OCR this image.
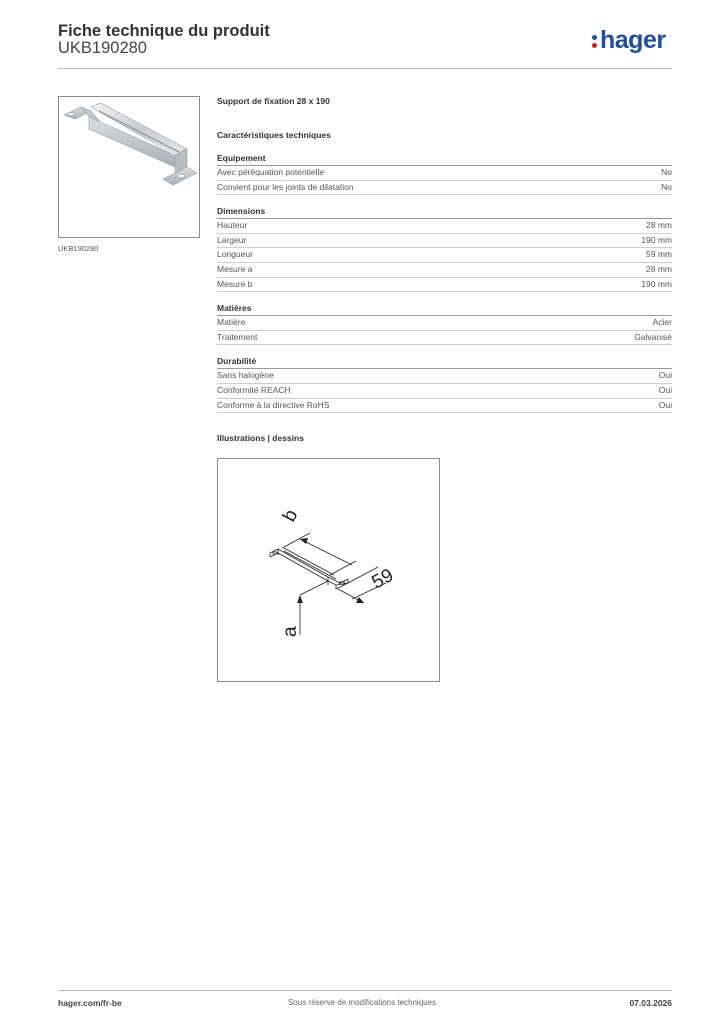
Fiche technique du produit
UKB190280	hager
UKB190280
Support de fixation 28 x 190
Caractéristiques techniques
Equipement
Avec péréquation potentielle	No
Convient pour les joints de dilatation	No
Dimensions
Hauteur	28 mm
Largeur	190 mm
Longueur	59 mm
Mesure a	28 mm
Mesure b	190 mm
Matières
Matière	Acier
Traitement	Galvanisé
Durabilité
Sans halogène	Oui
Conformité REACH	Oui
Conforme à la directive RoHS	Oui
Illustrations | dessins
b
59
a
hager.com/fr-be	Sous réserve de modifications techniques	07.03.2026
